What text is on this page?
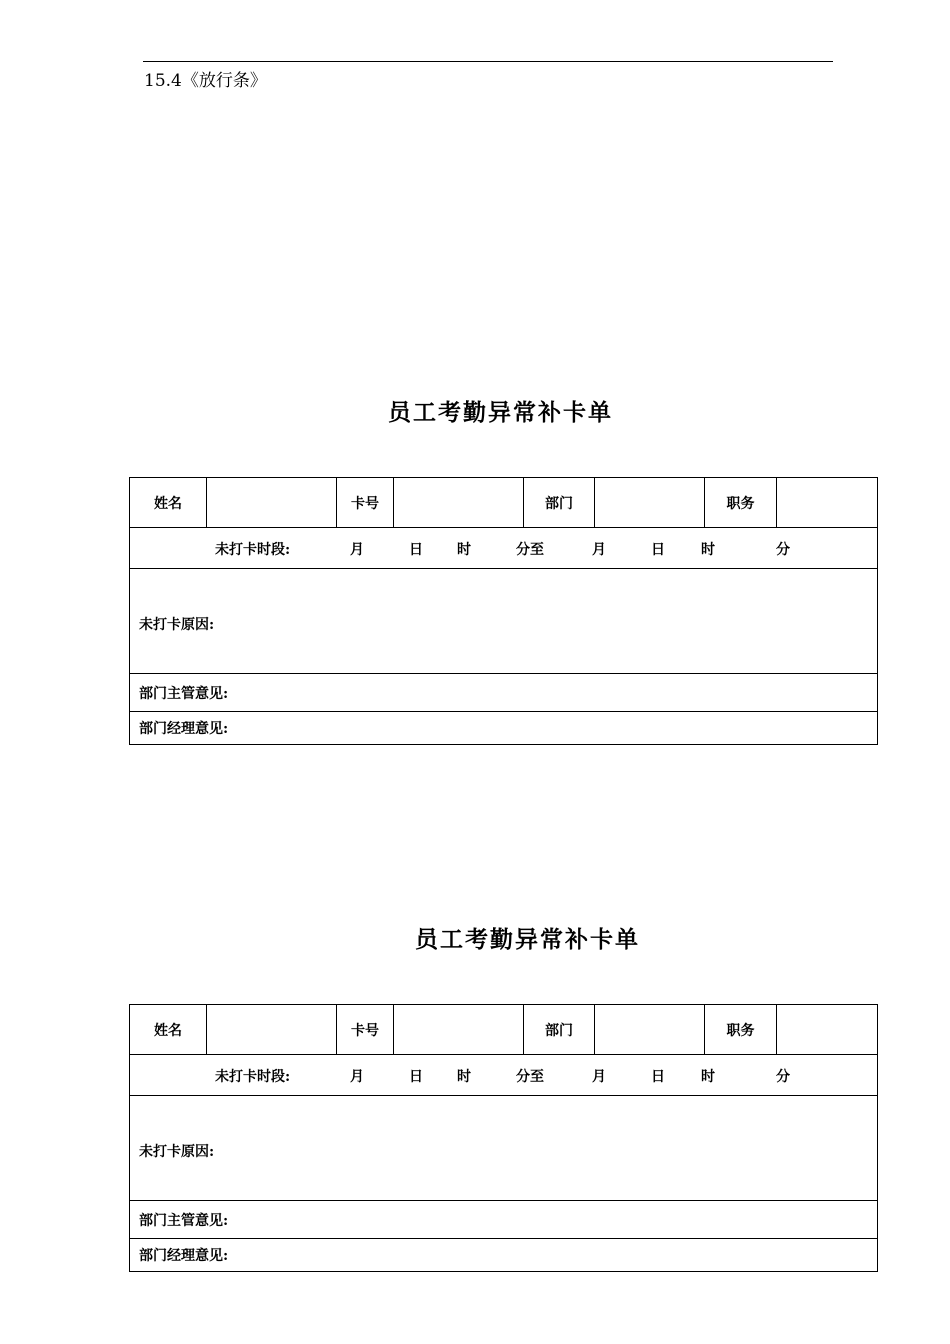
15.4《放行条》
员工考勤异常补卡单
姓名		卡号		部门		职务	

未打卡时段:	月	日 时	分至	月	日	时	分

未打卡原因:

部门主管意见:
部门经理意见:
员工考勤异常补卡单
姓名		卡号		部门		职务	

未打卡时段:	月	日 时	分至	月	日	时	分

未打卡原因:

部门主管意见:
部门经理意见:
